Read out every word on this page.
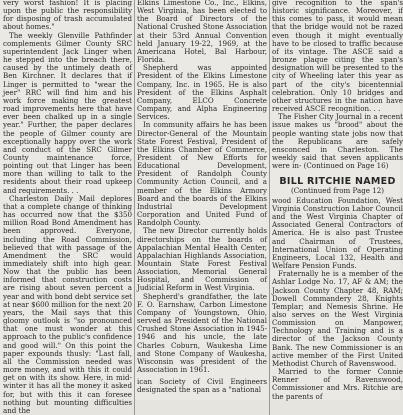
very worst fashion! It is placing upon the public the responsibility for disposing of trash accumulated about homes."

The weekly Glenville Pathfinder complements Gilmer County SRC superintendent Jack Linger when he stepped into the breach there, caused by the untimely death of Ben Kirchner. It declares that if Linger is permitted to "wear the jeer" RRC will find him and his work force making the greatest road improvements here that have ever been chalked up in a single year." Further, the paper declares the people of Gilmer county are exceptionally happy over the work and conduct of the SRC Gilmer County maintenance force, pointing out that Linger has been more than willing to talk to the residents about their road upkeep and requirements. . .

Charleston Daily Mail deplores that a complete change of thinking has occurred now that the $350 million Road Bond Amendment has been approved. Everyone, including the Road Commission, believed that with passage of the Amendment the SRC would immediately shift into high gear. Now that the public has been informed that construction costs are rising about seven percent a year and with bond debt service set at near $600 million for the next 20 years, the Mail says that this gloomy outlook is "so pronounced that one must wonder at this approach to the public's confidence and good will." On this point the paper expounds thusly: "Last fall, all the Commission needed was more money, and with this it could get on with its show. Here, in mid-winter it has all the money it asked for, but with this it can foresee nothing but mounting difficulties and the

Elkins Limestone Co., Inc., Elkins, West Virginia, has been elected to the Board of Directors of the National Crushed Stone Association at their 53rd Annual Convention held January 19-22, 1969, at the Americana Hotel, Bal Harbour, Florida.

Shepherd was appointed President of the Elkins Limestone Company, Inc. in 1965. He is also President of the Elkins Asphalt Company, ELCO Concrete Company, and Alpha Engineering Services.

In community affairs he has been Director-General of the Mountain State Forest Festival, President of the Elkins Chamber of Commerce, President of New Efforts for Educational Development, President of Randolph County Community Action Council, and a member of the Elkins Armory Board and the boards of the Elkins Industrial Development Corporation and United Fund of Randolph County.

The new Director currently holds directorships on the boards of Appalachian Mental Health Center, Appalachian Highlands Association, Mountain State Forest Festival Association, Memorial General Hospital, and Commission of Judicial Reform in West Virginia.

Shepherd's grandfather, the late F. O. Earnshaw, Carbon Limestone Company of Youngstown, Ohio, served as President of the National Crushed Stone Association in 1945-1946 and his uncle, the late Charles Coburn, Waukesha Lime and Stone Company of Waukesha, Wisconsin was president of the Association in 1961.

ican Society of Civil Engineers designated the span as a "national

give recognition to the span's historic significance. Moreover, if this comes to pass, it would mean that the bridge would not be razed even though it might eventually have to be closed to traffic because of its vintage. The ASCE said a bronze plaque citing the span's designation will be presented to the city of Wheeling later this year as part of the city's bicentennial celebration. Only 10 bridges and other structures in the nation have received ASCE recognition. . .

The Fisher City Journal in a recent issue makes us "brood" about the people wanting state jobs now that the Republicans are safely ensconced in Charleston. The weekly said that seven applicants were in- (Continued on Page 16)

BILL RITCHIE NAMED
(Continued from Page 12)

wood Education Foundation, West Virginia Construction Labor Council and the West Virginia Chapter of Associated General Contractors of America. He is also past Trustee and Chairman of Trustees, International Union of Operating Engineers, Local 132, Health and Welfare Pension Funds.

Fraternally he is a member of the Ashlar Lodge No. 17, AF & AM; the Jackson County Chapter 48, RAM; Dowell Commandery 28, Knights Templar; and Nemesis Shrine. He also serves on the West Virginia Commission on Manpower, Technology and Training and is a director of the Jackson County Bank. The new Commissioner is an active member of the First United Methodist Church of Ravenswood.

Married to the former Connie Renner of Ravenswood, Commissioner and Mrs. Ritchie are the parents of
